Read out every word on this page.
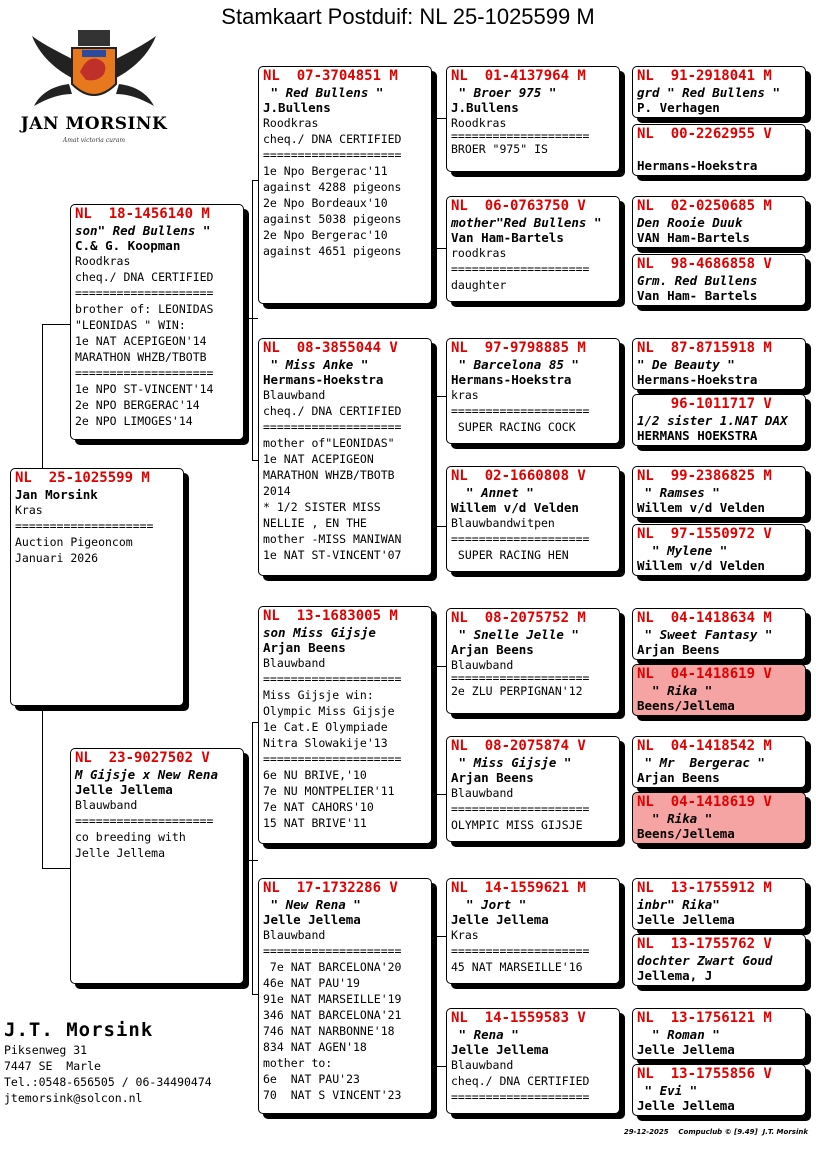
Stamkaart Postduif: NL 25-1025599 M
JAN MORSINK
Amat victoria curam
NL  25-1025599 M
Jan Morsink
Kras
====================
Auction Pigeoncom
Januari 2026
NL  18-1456140 M
son" Red Bullens "
C.& G. Koopman
Roodkras
cheq./ DNA CERTIFIED
====================
brother of: LEONIDAS
"LEONIDAS " WIN:
1e NAT ACEPIGEON'14
MARATHON WHZB/TBOTB
====================
1e NPO ST-VINCENT'14
2e NPO BERGERAC'14
2e NPO LIMOGES'14
NL  23-9027502 V
M Gijsje x New Rena
Jelle Jellema
Blauwband
====================
co breeding with
Jelle Jellema
NL  07-3704851 M
" Red Bullens "
J.Bullens
Roodkras
cheq./ DNA CERTIFIED
====================
1e Npo Bergerac'11
against 4288 pigeons
2e Npo Bordeaux'10
against 5038 pigeons
2e Npo Bergerac'10
against 4651 pigeons
NL  08-3855044 V
" Miss Anke "
Hermans-Hoekstra
Blauwband
cheq./ DNA CERTIFIED
====================
mother of"LEONIDAS"
1e NAT ACEPIGEON
MARATHON WHZB/TBOTB
2014
* 1/2 SISTER MISS
NELLIE , EN THE
mother -MISS MANIWAN
1e NAT ST-VINCENT'07
NL  13-1683005 M
son Miss Gijsje
Arjan Beens
Blauwband
====================
Miss Gijsje win:
Olympic Miss Gijsje
1e Cat.E Olympiade
Nitra Slowakije'13
====================
6e NU BRIVE,'10
7e NU MONTPELIER'11
7e NAT CAHORS'10
15 NAT BRIVE'11
NL  17-1732286 V
" New Rena "
Jelle Jellema
Blauwband
====================
7e NAT BARCELONA'20
46e NAT PAU'19
91e NAT MARSEILLE'19
346 NAT BARCELONA'21
746 NAT NARBONNE'18
834 NAT AGEN'18
mother to:
6e  NAT PAU'23
70  NAT S VINCENT'23
NL  01-4137964 M
" Broer 975 "
J.Bullens
Roodkras
====================
BROER "975" IS
NL  06-0763750 V
mother"Red Bullens "
Van Ham-Bartels
roodkras
====================
daughter
NL  97-9798885 M
" Barcelona 85 "
Hermans-Hoekstra
kras
====================
SUPER RACING COCK
NL  02-1660808 V
" Annet "
Willem v/d Velden
Blauwbandwitpen
====================
SUPER RACING HEN
NL  08-2075752 M
" Snelle Jelle "
Arjan Beens
Blauwband
====================
2e ZLU PERPIGNAN'12
NL  08-2075874 V
" Miss Gijsje "
Arjan Beens
Blauwband
====================
OLYMPIC MISS GIJSJE
NL  14-1559621 M
" Jort "
Jelle Jellema
Kras
====================
45 NAT MARSEILLE'16
NL  14-1559583 V
" Rena "
Jelle Jellema
Blauwband
cheq./ DNA CERTIFIED
====================
NL  91-2918041 M
grd " Red Bullens "
P. Verhagen
NL  00-2262955 V
Hermans-Hoekstra
NL  02-0250685 M
Den Rooie Duuk
VAN Ham-Bartels
NL  98-4686858 V
Grm. Red Bullens
Van Ham- Bartels
NL  87-8715918 M
" De Beauty "
Hermans-Hoekstra
96-1011717 V
1/2 sister 1.NAT DAX
HERMANS HOEKSTRA
NL  99-2386825 M
" Ramses "
Willem v/d Velden
NL  97-1550972 V
" Mylene "
Willem v/d Velden
NL  04-1418634 M
" Sweet Fantasy "
Arjan Beens
NL  04-1418619 V
" Rika "
Beens/Jellema
NL  04-1418542 M
" Mr  Bergerac "
Arjan Beens
NL  04-1418619 V
" Rika "
Beens/Jellema
NL  13-1755912 M
inbr" Rika"
Jelle Jellema
NL  13-1755762 V
dochter Zwart Goud
Jellema, J
NL  13-1756121 M
" Roman "
Jelle Jellema
NL  13-1755856 V
" Evi "
Jelle Jellema
J.T. Morsink
Piksenweg 31
7447 SE  Marle
Tel.:0548-656505 / 06-34490474
jtemorsink@solcon.nl
29-12-2025    Compuclub © [9.49]  J.T. Morsink
